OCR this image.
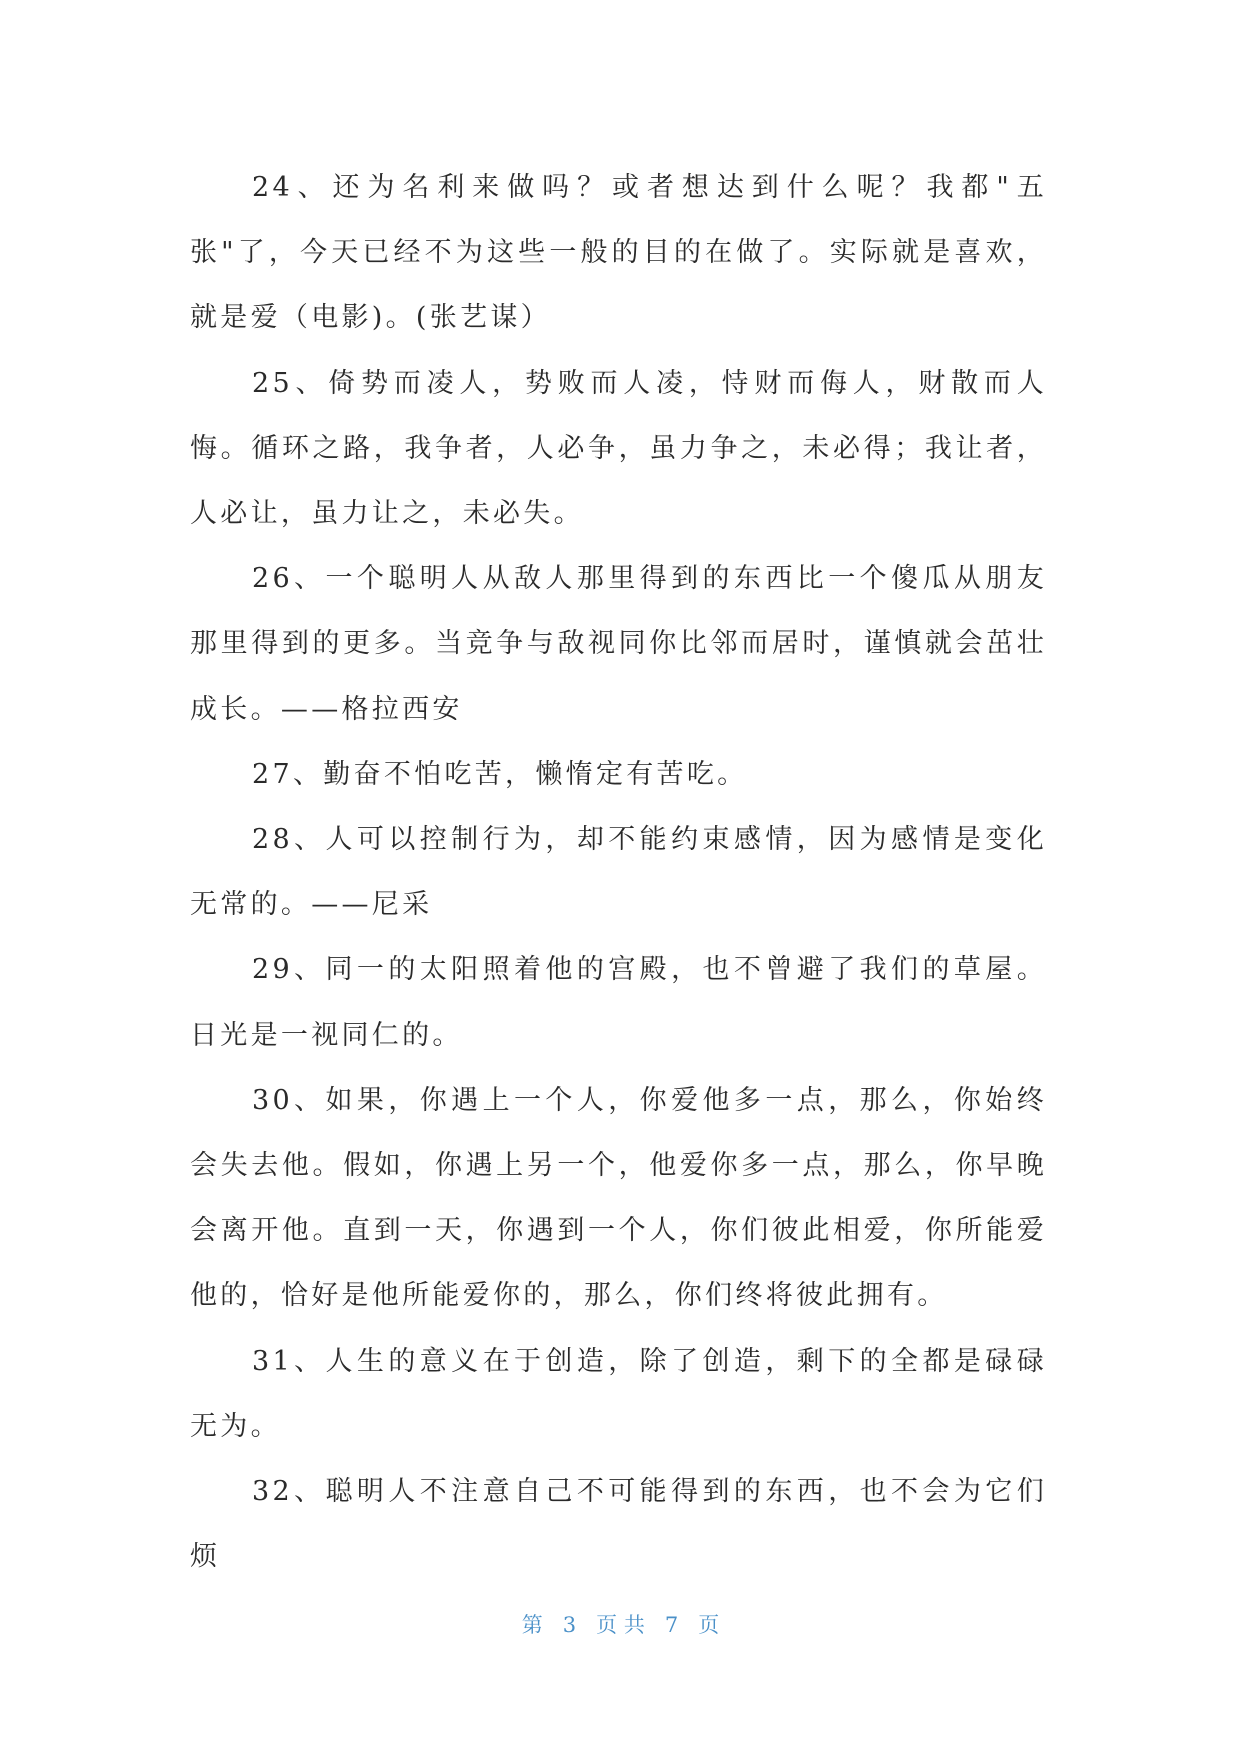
24、还为名利来做吗？或者想达到什么呢？我都"五张"了，今天已经不为这些一般的目的在做了。实际就是喜欢，就是爱（电影)。(张艺谋）

25、倚势而凌人，势败而人凌，恃财而侮人，财散而人悔。循环之路，我争者，人必争，虽力争之，未必得；我让者，人必让，虽力让之，未必失。

26、一个聪明人从敌人那里得到的东西比一个傻瓜从朋友那里得到的更多。当竞争与敌视同你比邻而居时，谨慎就会茁壮成长。——格拉西安

27、勤奋不怕吃苦，懒惰定有苦吃。

28、人可以控制行为，却不能约束感情，因为感情是变化无常的。——尼采

29、同一的太阳照着他的宫殿，也不曾避了我们的草屋。日光是一视同仁的。

30、如果，你遇上一个人，你爱他多一点，那么，你始终会失去他。假如，你遇上另一个，他爱你多一点，那么，你早晚会离开他。直到一天，你遇到一个人，你们彼此相爱，你所能爱他的，恰好是他所能爱你的，那么，你们终将彼此拥有。

31、人生的意义在于创造，除了创造，剩下的全都是碌碌无为。

32、聪明人不注意自己不可能得到的东西，也不会为它们烦

第 3 页 共 7 页
